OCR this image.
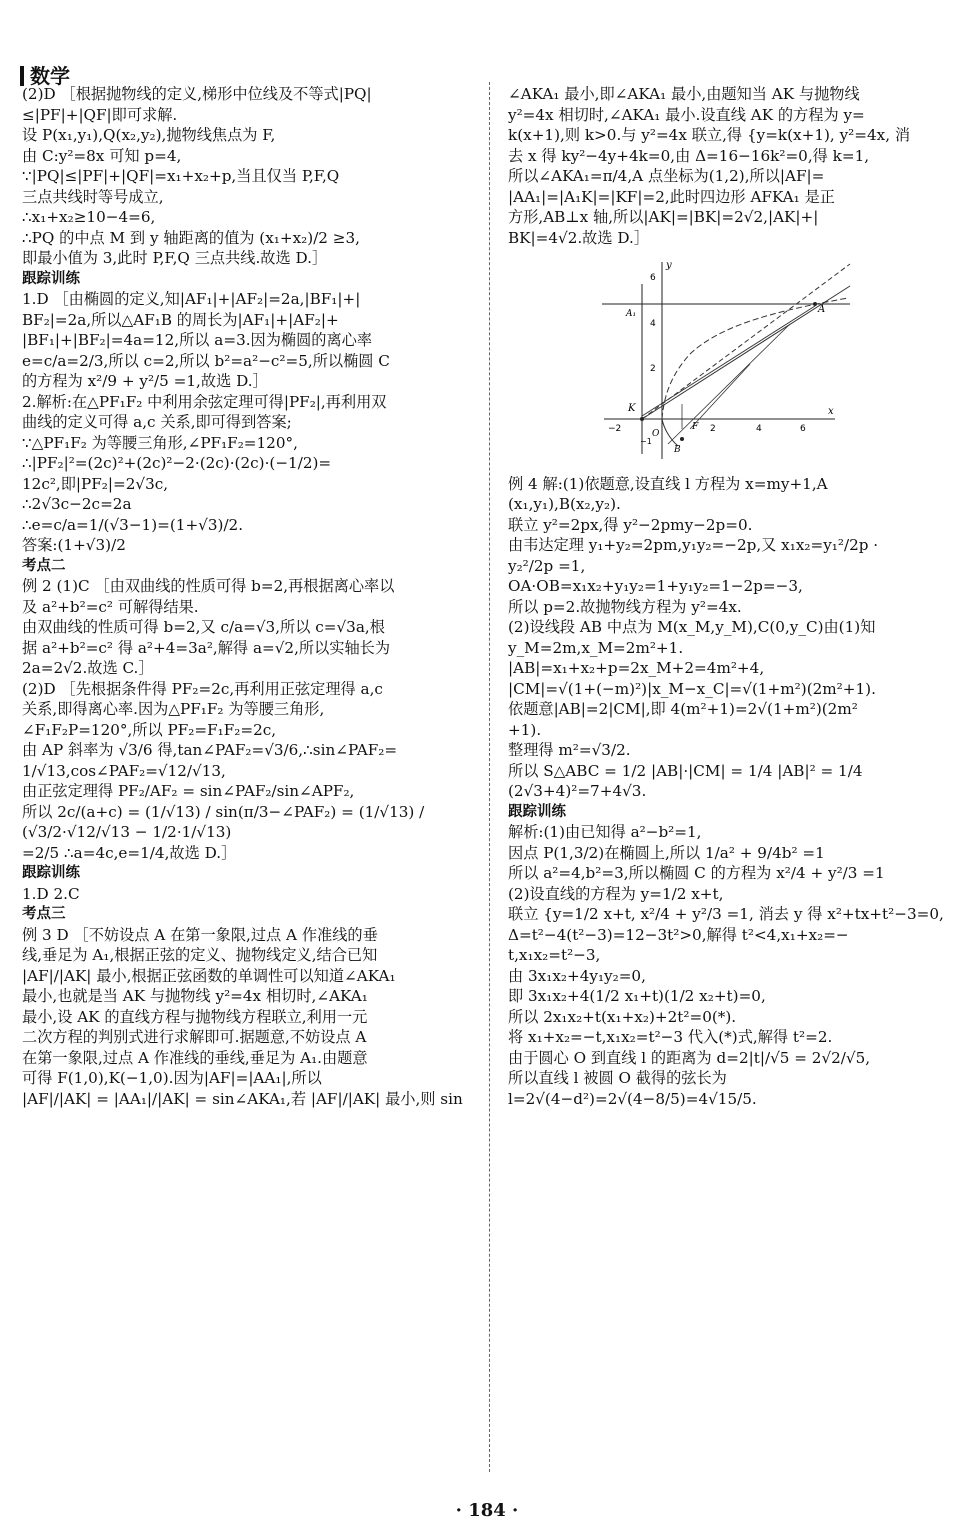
数学

(2)D ［根据抛物线的定义,梯形中位线及不等式|PQ|

≤|PF|+|QF|即可求解.

设 P(x₁,y₁),Q(x₂,y₂),抛物线焦点为 F,

由 C:y²=8x 可知 p=4,

∵|PQ|≤|PF|+|QF|=x₁+x₂+p,当且仅当 P,F,Q

三点共线时等号成立,

∴x₁+x₂≥10−4=6,

∴PQ 的中点 M 到 y 轴距离的值为 (x₁+x₂)/2 ≥3,

即最小值为 3,此时 P,F,Q 三点共线.故选 D.］

跟踪训练

1.D ［由椭圆的定义,知|AF₁|+|AF₂|=2a,|BF₁|+|

BF₂|=2a,所以△AF₁B 的周长为|AF₁|+|AF₂|+

|BF₁|+|BF₂|=4a=12,所以 a=3.因为椭圆的离心率

e=c/a=2/3,所以 c=2,所以 b²=a²−c²=5,所以椭圆 C

的方程为 x²/9 + y²/5 =1,故选 D.］

2.解析:在△PF₁F₂ 中利用余弦定理可得|PF₂|,再利用双

曲线的定义可得 a,c 关系,即可得到答案;

∵△PF₁F₂ 为等腰三角形,∠PF₁F₂=120°,

∴|PF₂|²=(2c)²+(2c)²−2·(2c)·(2c)·(−1/2)=

12c²,即|PF₂|=2√3c,

∴2√3c−2c=2a

∴e=c/a=1/(√3−1)=(1+√3)/2.

答案:(1+√3)/2

考点二

例 2 (1)C ［由双曲线的性质可得 b=2,再根据离心率以

及 a²+b²=c² 可解得结果.

由双曲线的性质可得 b=2,又 c/a=√3,所以 c=√3a,根

据 a²+b²=c² 得 a²+4=3a²,解得 a=√2,所以实轴长为

2a=2√2.故选 C.］

(2)D ［先根据条件得 PF₂=2c,再利用正弦定理得 a,c

关系,即得离心率.因为△PF₁F₂ 为等腰三角形,

∠F₁F₂P=120°,所以 PF₂=F₁F₂=2c,

由 AP 斜率为 √3/6 得,tan∠PAF₂=√3/6,∴sin∠PAF₂=

1/√13,cos∠PAF₂=√12/√13,

由正弦定理得 PF₂/AF₂ = sin∠PAF₂/sin∠APF₂,

所以 2c/(a+c) = (1/√13) / sin(π/3−∠PAF₂) = (1/√13) / (√3/2·√12/√13 − 1/2·1/√13)

=2/5 ∴a=4c,e=1/4,故选 D.］

跟踪训练

1.D 2.C

考点三

例 3 D ［不妨设点 A 在第一象限,过点 A 作准线的垂

线,垂足为 A₁,根据正弦的定义、抛物线定义,结合已知

|AF|/|AK| 最小,根据正弦函数的单调性可以知道∠AKA₁

最小,也就是当 AK 与抛物线 y²=4x 相切时,∠AKA₁

最小,设 AK 的直线方程与抛物线方程联立,利用一元

二次方程的判别式进行求解即可.据题意,不妨设点 A

在第一象限,过点 A 作准线的垂线,垂足为 A₁.由题意

可得 F(1,0),K(−1,0).因为|AF|=|AA₁|,所以

|AF|/|AK| = |AA₁|/|AK| = sin∠AKA₁,若 |AF|/|AK| 最小,则 sin

∠AKA₁ 最小,即∠AKA₁ 最小,由题知当 AK 与抛物线

y²=4x 相切时,∠AKA₁ 最小.设直线 AK 的方程为 y=

k(x+1),则 k>0.与 y²=4x 联立,得 {y=k(x+1), y²=4x, 消

去 x 得 ky²−4y+4k=0,由 Δ=16−16k²=0,得 k=1,

所以∠AKA₁=π/4,A 点坐标为(1,2),所以|AF|=

|AA₁|=|A₁K|=|KF|=2,此时四边形 AFKA₁ 是正

方形,AB⊥x 轴,所以|AK|=|BK|=2√2,|AK|+|

BK|=4√2.故选 D.］

6
4
2
−2	2	4	6
y
x
A
A₁
K
O
F
B
−1

例 4 解:(1)依题意,设直线 l 方程为 x=my+1,A

(x₁,y₁),B(x₂,y₂).

联立 y²=2px,得 y²−2pmy−2p=0.

由韦达定理 y₁+y₂=2pm,y₁y₂=−2p,又 x₁x₂=y₁²/2p ·

y₂²/2p =1,

OA·OB=x₁x₂+y₁y₂=1+y₁y₂=1−2p=−3,

所以 p=2.故抛物线方程为 y²=4x.

(2)设线段 AB 中点为 M(x_M,y_M),C(0,y_C)由(1)知

y_M=2m,x_M=2m²+1.

|AB|=x₁+x₂+p=2x_M+2=4m²+4,

|CM|=√(1+(−m)²)|x_M−x_C|=√(1+m²)(2m²+1).

依题意|AB|=2|CM|,即 4(m²+1)=2√(1+m²)(2m²

+1).

整理得 m²=√3/2.

所以 S△ABC = 1/2 |AB|·|CM| = 1/4 |AB|² = 1/4

(2√3+4)²=7+4√3.

跟踪训练

解析:(1)由已知得 a²−b²=1,

因点 P(1,3/2)在椭圆上,所以 1/a² + 9/4b² =1

所以 a²=4,b²=3,所以椭圆 C 的方程为 x²/4 + y²/3 =1

(2)设直线的方程为 y=1/2 x+t,

联立 {y=1/2 x+t, x²/4 + y²/3 =1, 消去 y 得 x²+tx+t²−3=0,

Δ=t²−4(t²−3)=12−3t²>0,解得 t²<4,x₁+x₂=−

t,x₁x₂=t²−3,

由 3x₁x₂+4y₁y₂=0,

即 3x₁x₂+4(1/2 x₁+t)(1/2 x₂+t)=0,

所以 2x₁x₂+t(x₁+x₂)+2t²=0(*).

将 x₁+x₂=−t,x₁x₂=t²−3 代入(*)式,解得 t²=2.

由于圆心 O 到直线 l 的距离为 d=2|t|/√5 = 2√2/√5,

所以直线 l 被圆 O 截得的弦长为

l=2√(4−d²)=2√(4−8/5)=4√15/5.

· 184 ·
